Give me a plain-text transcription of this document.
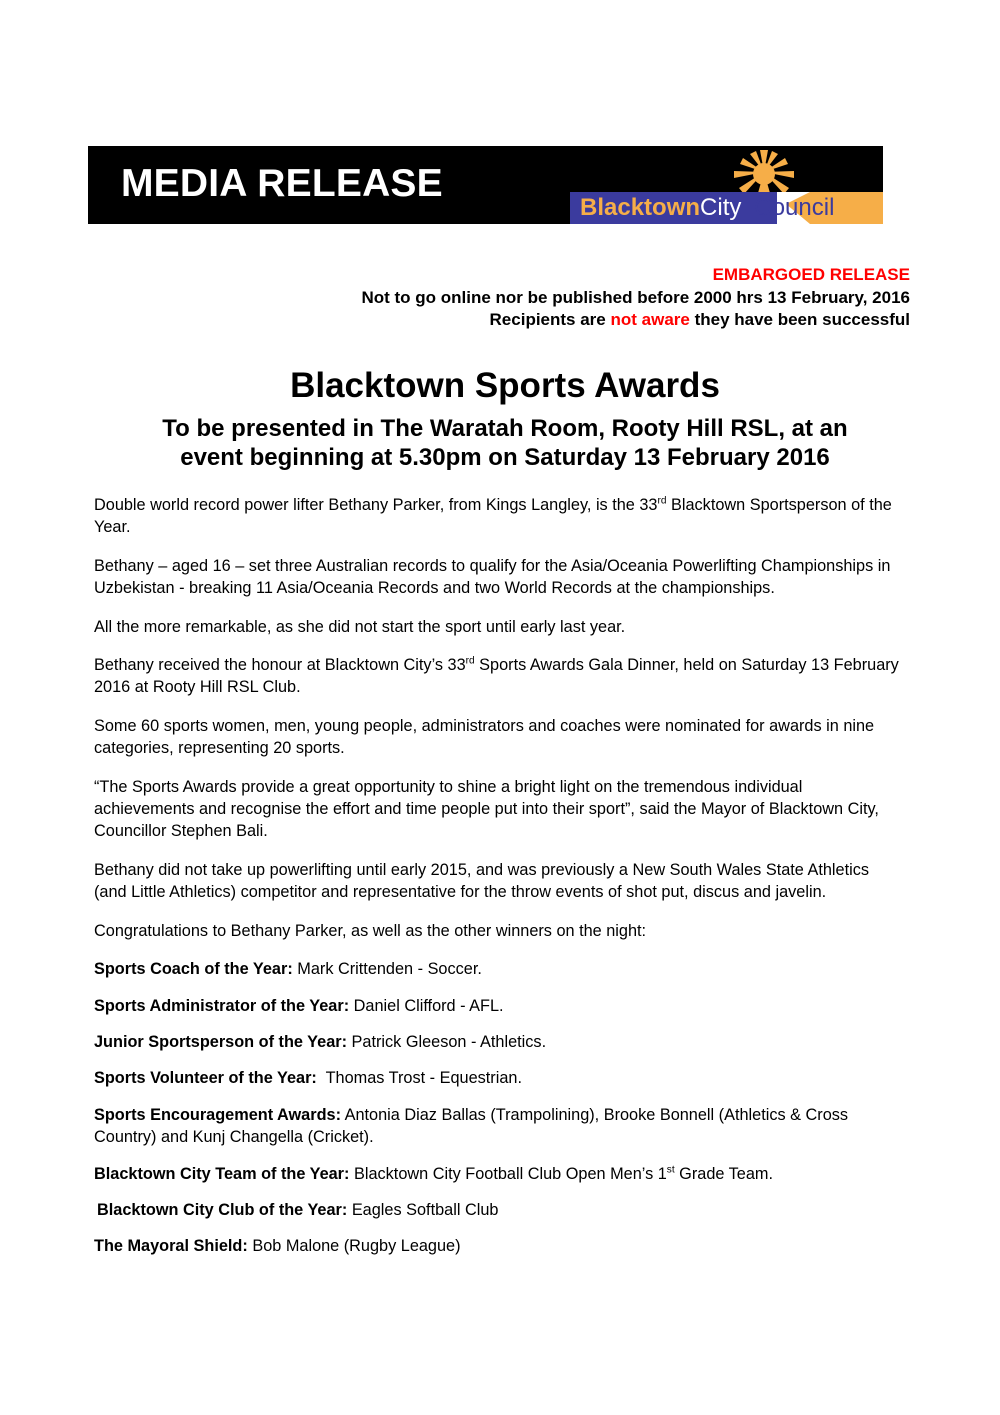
MEDIA RELEASE
BlacktownCity Council
EMBARGOED RELEASE
Not to go online nor be published before 2000 hrs 13 February, 2016
Recipients are not aware they have been successful
Blacktown Sports Awards
To be presented in The Waratah Room, Rooty Hill RSL, at an
event beginning at 5.30pm on Saturday 13 February 2016

Double world record power lifter Bethany Parker, from Kings Langley, is the 33rd Blacktown Sportsperson of the Year.

Bethany – aged 16 – set three Australian records to qualify for the Asia/Oceania Powerlifting Championships in Uzbekistan - breaking 11 Asia/Oceania Records and two World Records at the championships.

All the more remarkable, as she did not start the sport until early last year.

Bethany received the honour at Blacktown City’s 33rd Sports Awards Gala Dinner, held on Saturday 13 February 2016 at Rooty Hill RSL Club.

Some 60 sports women, men, young people, administrators and coaches were nominated for awards in nine categories, representing 20 sports.

“The Sports Awards provide a great opportunity to shine a bright light on the tremendous individual achievements and recognise the effort and time people put into their sport”, said the Mayor of Blacktown City, Councillor Stephen Bali.

Bethany did not take up powerlifting until early 2015, and was previously a New South Wales State Athletics (and Little Athletics) competitor and representative for the throw events of shot put, discus and javelin.

Congratulations to Bethany Parker, as well as the other winners on the night:

Sports Coach of the Year: Mark Crittenden - Soccer.

Sports Administrator of the Year: Daniel Clifford - AFL.

Junior Sportsperson of the Year: Patrick Gleeson - Athletics.

Sports Volunteer of the Year:  Thomas Trost - Equestrian.

Sports Encouragement Awards: Antonia Diaz Ballas (Trampolining), Brooke Bonnell (Athletics & Cross Country) and Kunj Changella (Cricket).

Blacktown City Team of the Year: Blacktown City Football Club Open Men’s 1st Grade Team.

Blacktown City Club of the Year: Eagles Softball Club

The Mayoral Shield: Bob Malone (Rugby League)
